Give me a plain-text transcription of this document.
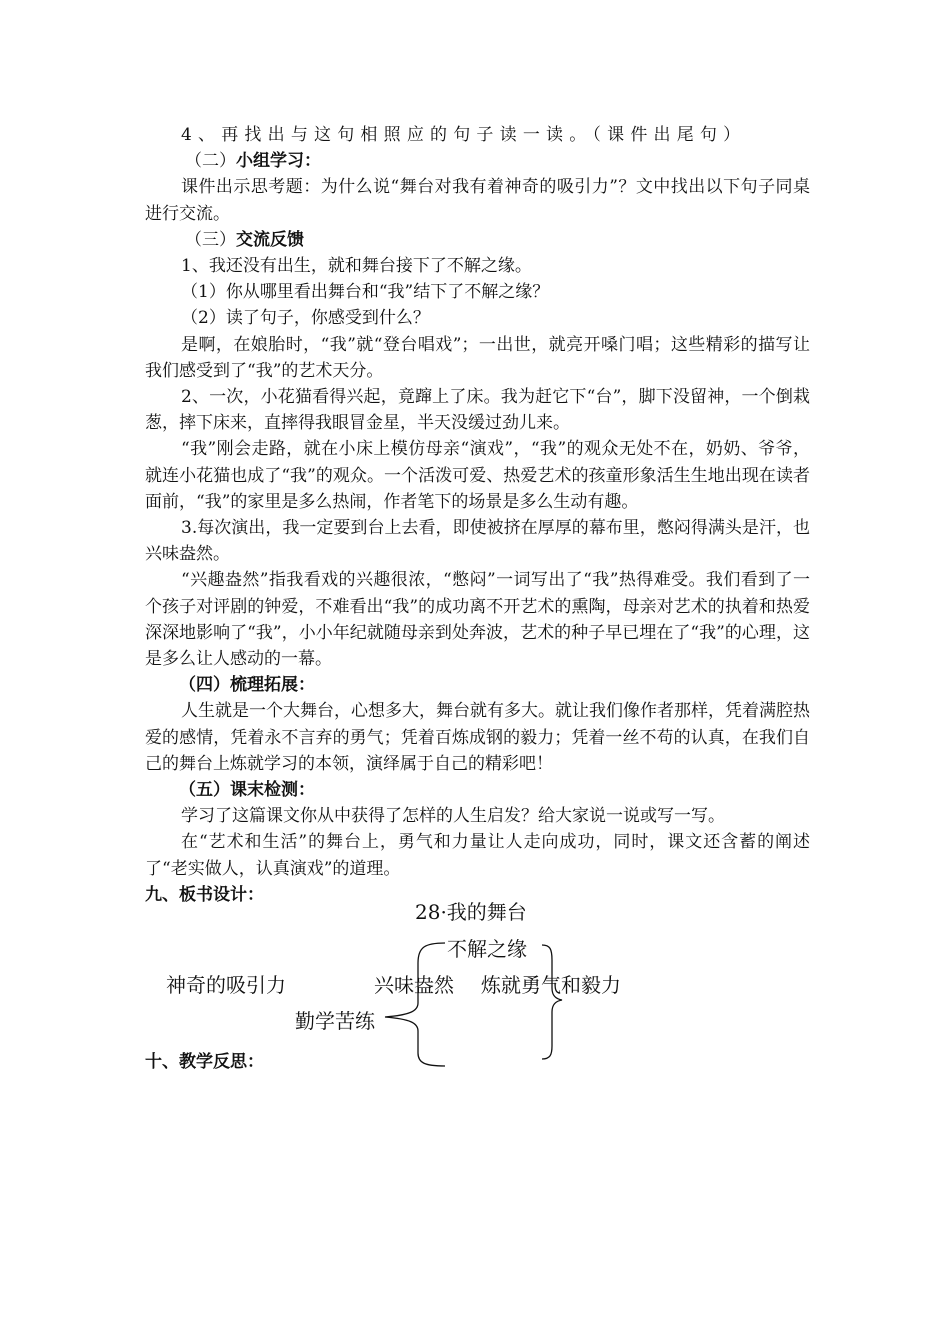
4、再找出与这句相照应的句子读一读。（课件出尾句）

（二）小组学习：

课件出示思考题：为什么说“舞台对我有着神奇的吸引力”？文中找出以下句子同桌进行交流。

（三）交流反馈

1、我还没有出生，就和舞台接下了不解之缘。

（1）你从哪里看出舞台和“我”结下了不解之缘？

（2）读了句子，你感受到什么？

是啊，在娘胎时，“我”就“登台唱戏”；一出世，就亮开嗓门唱；这些精彩的描写让我们感受到了“我”的艺术天分。

2、一次，小花猫看得兴起，竟蹿上了床。我为赶它下“台”，脚下没留神，一个倒栽葱，摔下床来，直摔得我眼冒金星，半天没缓过劲儿来。

“我”刚会走路，就在小床上模仿母亲“演戏”，“我”的观众无处不在，奶奶、爷爷，就连小花猫也成了“我”的观众。一个活泼可爱、热爱艺术的孩童形象活生生地出现在读者面前，“我”的家里是多么热闹，作者笔下的场景是多么生动有趣。

3.每次演出，我一定要到台上去看，即使被挤在厚厚的幕布里，憋闷得满头是汗，也兴味盎然。

“兴趣盎然”指我看戏的兴趣很浓，“憋闷”一词写出了“我”热得难受。我们看到了一个孩子对评剧的钟爱，不难看出“我”的成功离不开艺术的熏陶，母亲对艺术的执着和热爱深深地影响了“我”，小小年纪就随母亲到处奔波，艺术的种子早已埋在了“我”的心理，这是多么让人感动的一幕。

（四）梳理拓展：

人生就是一个大舞台，心想多大，舞台就有多大。就让我们像作者那样，凭着满腔热爱的感情，凭着永不言弃的勇气；凭着百炼成钢的毅力；凭着一丝不苟的认真，在我们自己的舞台上炼就学习的本领，演绎属于自己的精彩吧！

（五）课末检测：

学习了这篇课文你从中获得了怎样的人生启发？给大家说一说或写一写。

在“艺术和生活”的舞台上，勇气和力量让人走向成功，同时，课文还含蓄的阐述了“老实做人，认真演戏”的道理。

九、板书设计：

28·我的舞台
不解之缘
神奇的吸引力	兴味盎然 炼就勇气和毅力
勤学苦练
十、教学反思：
